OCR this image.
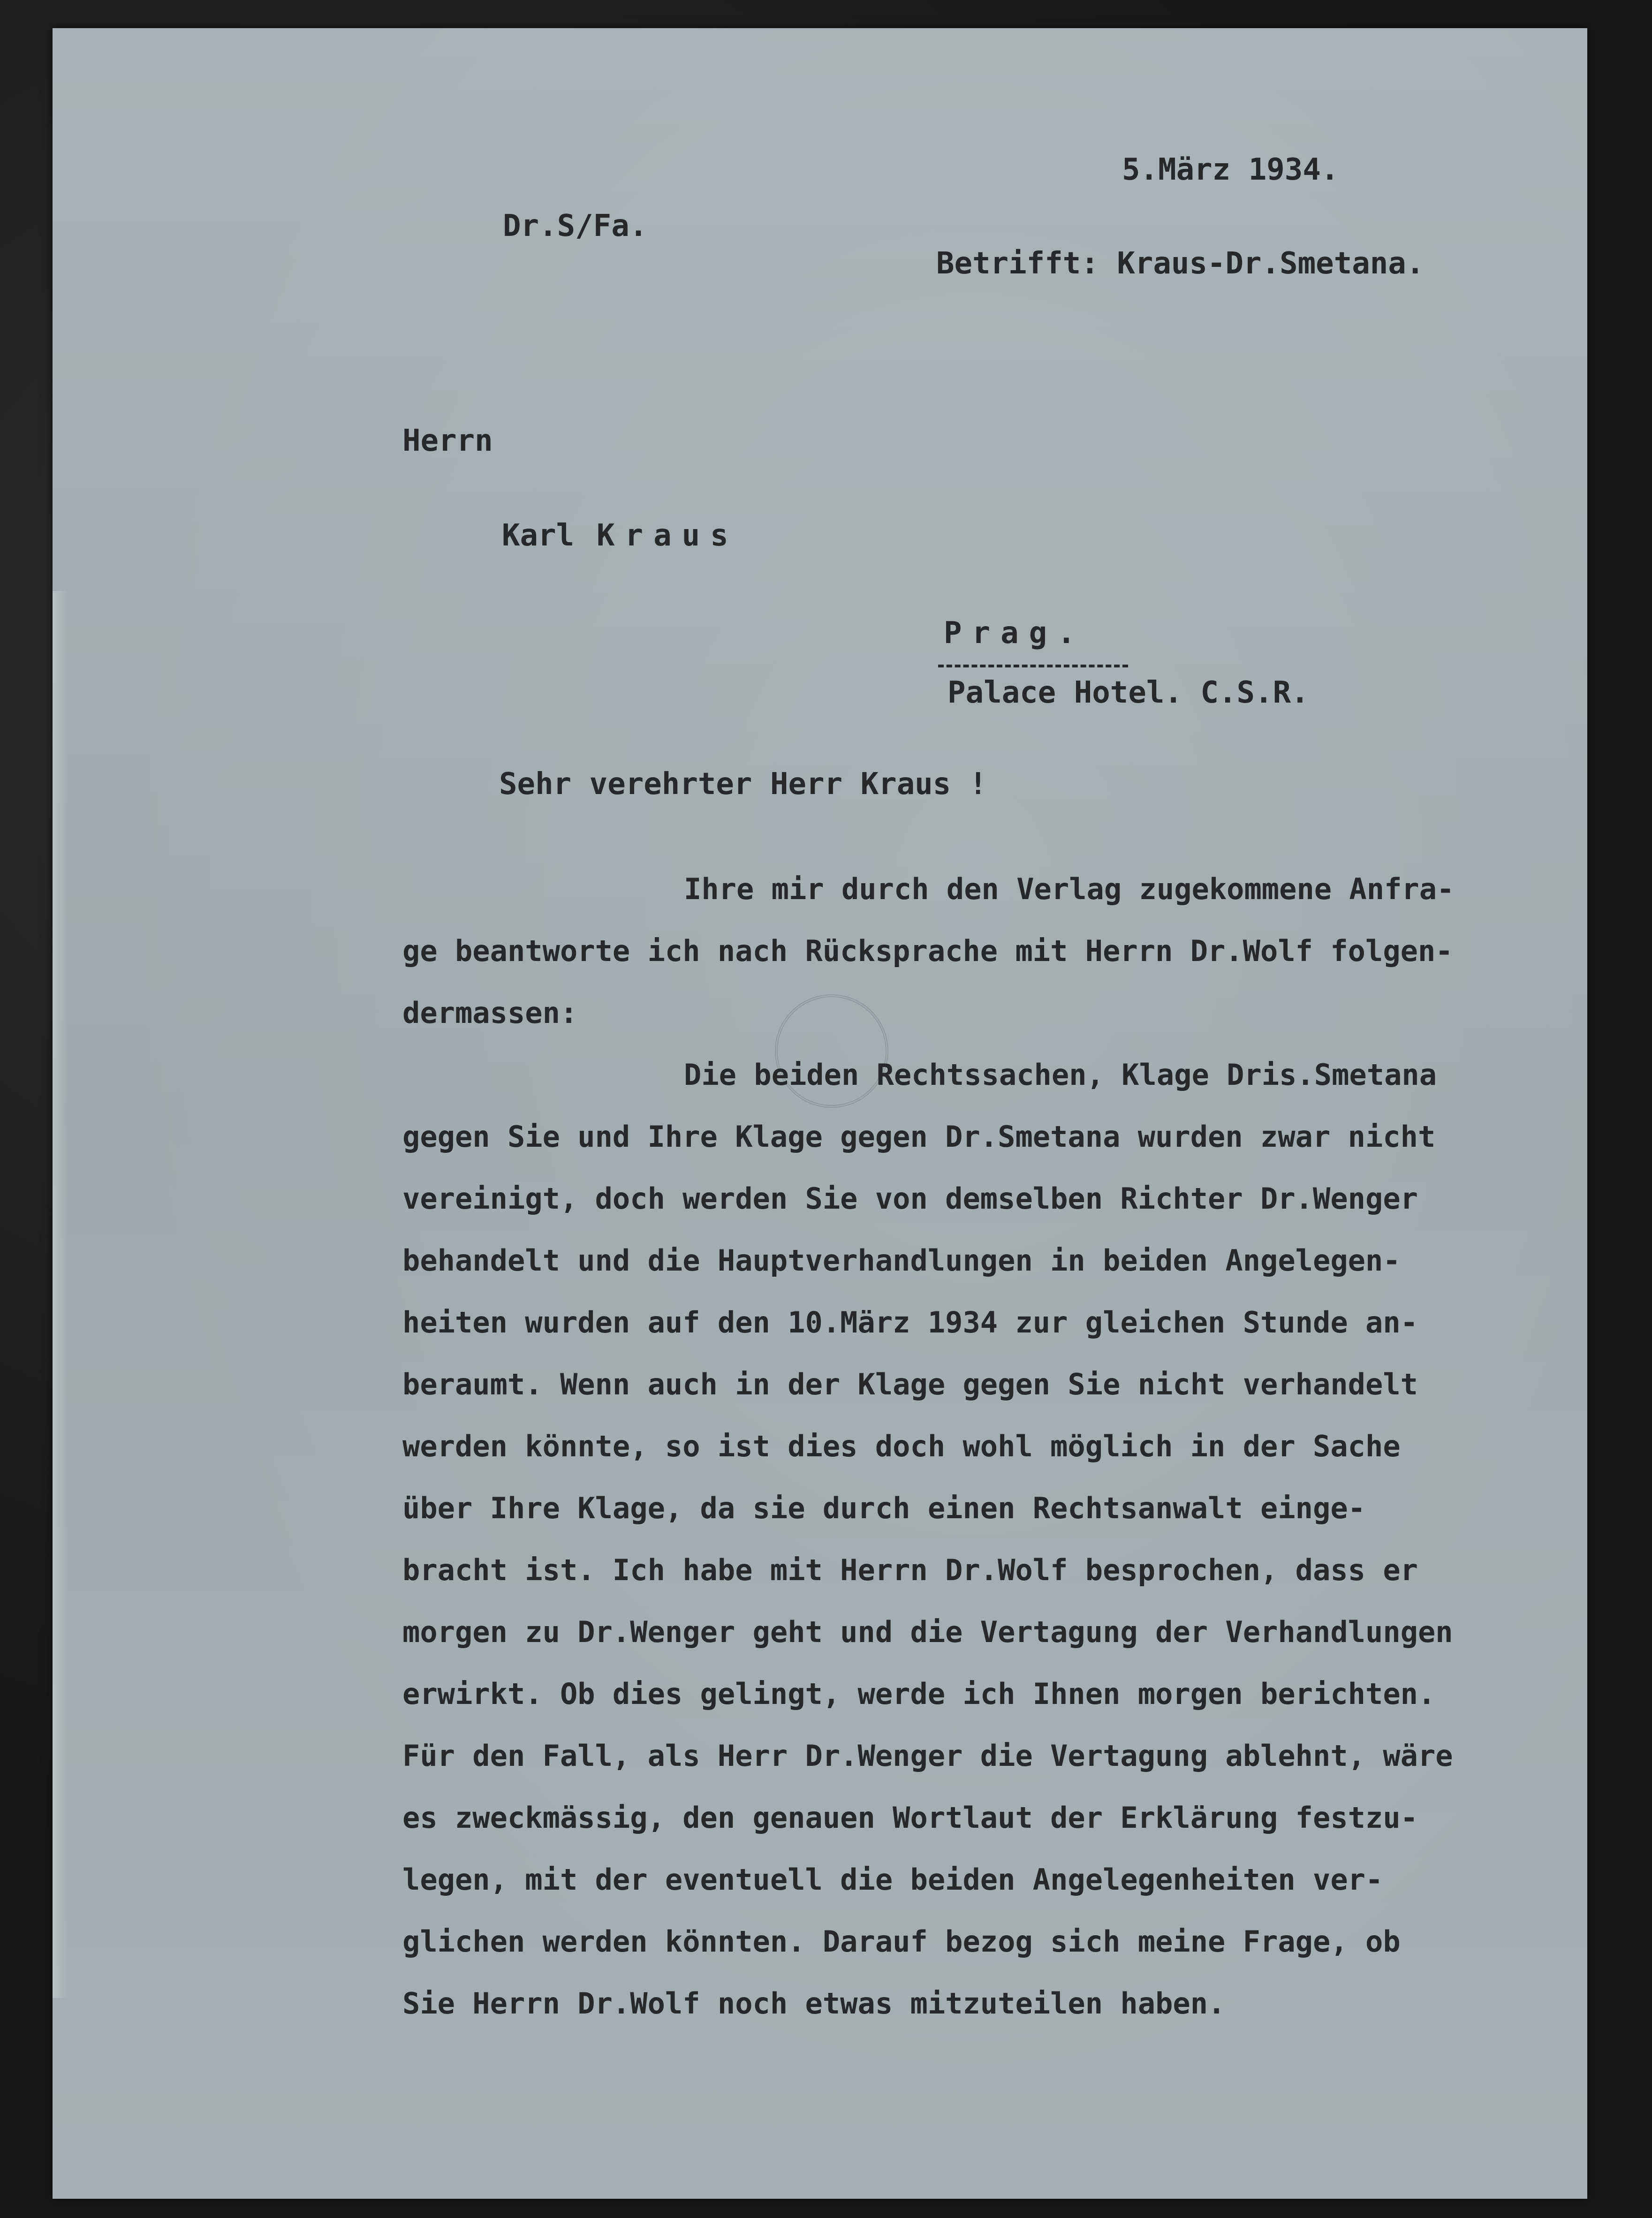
5.März 1934.
Dr.S/Fa.
Betrifft: Kraus-Dr.Smetana.
Herrn
Karl Kraus
Prag.
Palace Hotel. C.S.R.
Sehr verehrter Herr Kraus !
Ihre mir durch den Verlag zugekommene Anfra-
ge beantworte ich nach Rücksprache mit Herrn Dr.Wolf folgen-
dermassen:
Die beiden Rechtssachen, Klage Dris.Smetana
gegen Sie und Ihre Klage gegen Dr.Smetana wurden zwar nicht
vereinigt, doch werden Sie von demselben Richter Dr.Wenger
behandelt und die Hauptverhandlungen in beiden Angelegen-
heiten wurden auf den 10.März 1934 zur gleichen Stunde an-
beraumt. Wenn auch in der Klage gegen Sie nicht verhandelt
werden könnte, so ist dies doch wohl möglich in der Sache
über Ihre Klage, da sie durch einen Rechtsanwalt einge-
bracht ist. Ich habe mit Herrn Dr.Wolf besprochen, dass er
morgen zu Dr.Wenger geht und die Vertagung der Verhandlungen
erwirkt. Ob dies gelingt, werde ich Ihnen morgen berichten.
Für den Fall, als Herr Dr.Wenger die Vertagung ablehnt, wäre
es zweckmässig, den genauen Wortlaut der Erklärung festzu-
legen, mit der eventuell die beiden Angelegenheiten ver-
glichen werden könnten. Darauf bezog sich meine Frage, ob
Sie Herrn Dr.Wolf noch etwas mitzuteilen haben.
